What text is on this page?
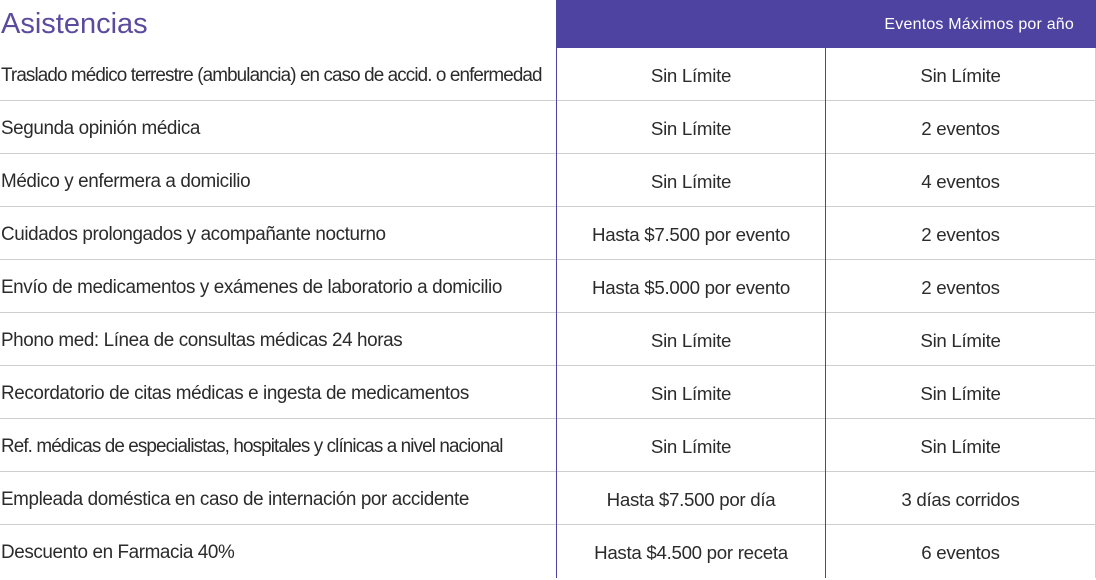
Asistencias	Eventos Máximos por año
Traslado médico terrestre (ambulancia) en caso de accid. o enfermedad	Sin Límite	Sin Límite
Segunda opinión médica	Sin Límite	2 eventos
Médico y enfermera a domicilio	Sin Límite	4 eventos
Cuidados prolongados y acompañante nocturno	Hasta $7.500 por evento	2 eventos
Envío de medicamentos y exámenes de laboratorio a domicilio	Hasta $5.000 por evento	2 eventos
Phono med: Línea de consultas médicas 24 horas	Sin Límite	Sin Límite
Recordatorio de citas médicas e ingesta de medicamentos	Sin Límite	Sin Límite
Ref. médicas de especialistas, hospitales y clínicas a nivel nacional	Sin Límite	Sin Límite
Empleada doméstica en caso de internación por accidente	Hasta $7.500 por día	3 días corridos
Descuento en Farmacia 40%	Hasta $4.500 por receta	6 eventos
